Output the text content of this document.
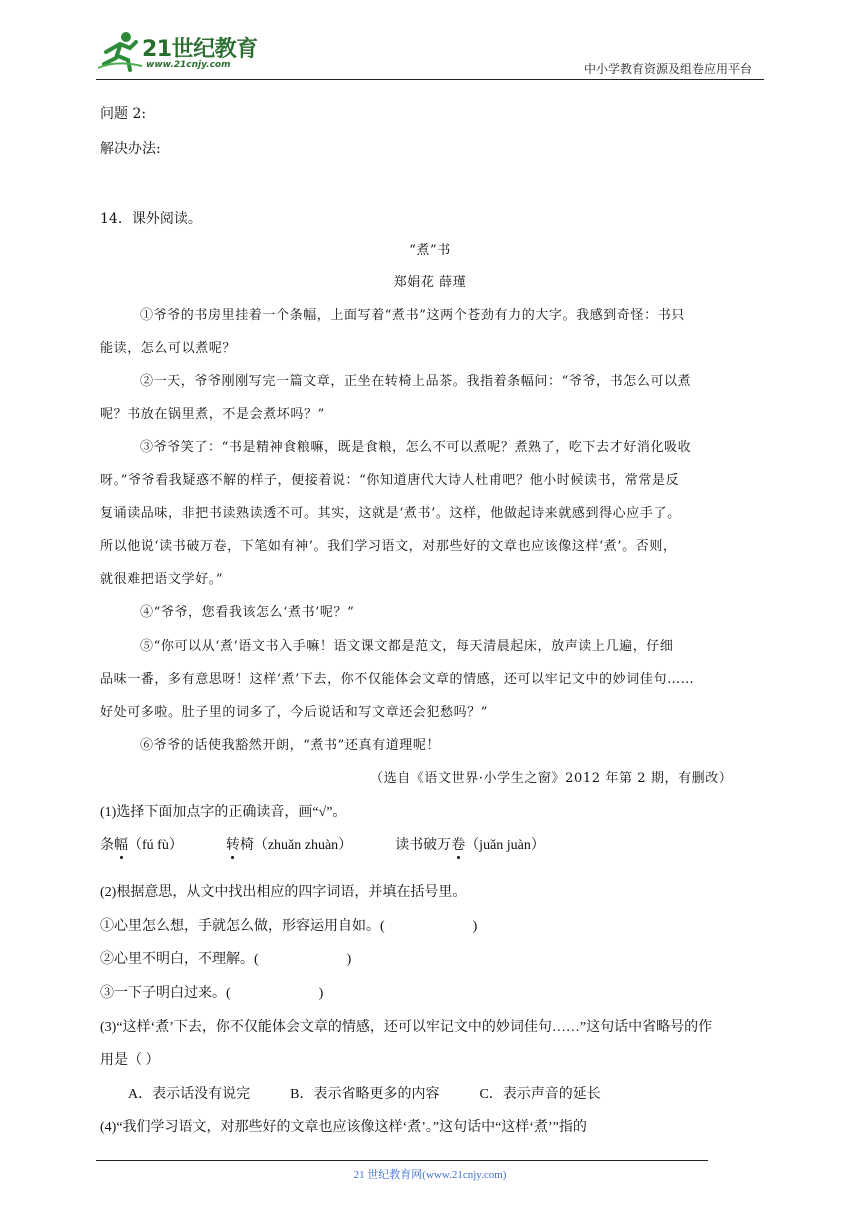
21世纪教育
www.21cnjy.com	中小学教育资源及组卷应用平台
问题 2:
解决办法:
14．课外阅读。
“煮”书
郑娟花 薛瑾
①爷爷的书房里挂着一个条幅，上面写着“煮书”这两个苍劲有力的大字。我感到奇怪：书只
能读，怎么可以煮呢？
②一天，爷爷刚刚写完一篇文章，正坐在转椅上品茶。我指着条幅问：“爷爷，书怎么可以煮
呢？书放在锅里煮，不是会煮坏吗？”
③爷爷笑了：“书是精神食粮嘛，既是食粮，怎么不可以煮呢？煮熟了，吃下去才好消化吸收
呀。”爷爷看我疑惑不解的样子，便接着说：“你知道唐代大诗人杜甫吧？他小时候读书，常常是反
复诵读品味，非把书读熟读透不可。其实，这就是‘煮书’。这样，他做起诗来就感到得心应手了。
所以他说‘读书破万卷，下笔如有神’。我们学习语文，对那些好的文章也应该像这样‘煮’。否则，
就很难把语文学好。”
④“爷爷，您看我该怎么‘煮书’呢？”
⑤“你可以从‘煮’语文书入手嘛！语文课文都是范文，每天清晨起床，放声读上几遍，仔细
品味一番，多有意思呀！这样‘煮’下去，你不仅能体会文章的情感，还可以牢记文中的妙词佳句……
好处可多啦。肚子里的词多了，今后说话和写文章还会犯愁吗？”
⑥爷爷的话使我豁然开朗，“煮书”还真有道理呢！
（选自《语文世界·小学生之窗》2012 年第 2 期，有删改）
(1)选择下面加点字的正确读音，画“√”。
条幅（fú fù）	转椅（zhuǎn zhuàn）	读书破万卷（juǎn juàn）
(2)根据意思，从文中找出相应的四字词语，并填在括号里。
①心里怎么想，手就怎么做，形容运用自如。(	)
②心里不明白，不理解。(	)
③一下子明白过来。(	)
(3)“这样‘煮’下去，你不仅能体会文章的情感，还可以牢记文中的妙词佳句……”这句话中省略号的作
用是（ ）
A．表示话没有说完	B．表示省略更多的内容	C．表示声音的延长
(4)“我们学习语文，对那些好的文章也应该像这样‘煮’。”这句话中“这样‘煮’”指的
21 世纪教育网(www.21cnjy.com)
